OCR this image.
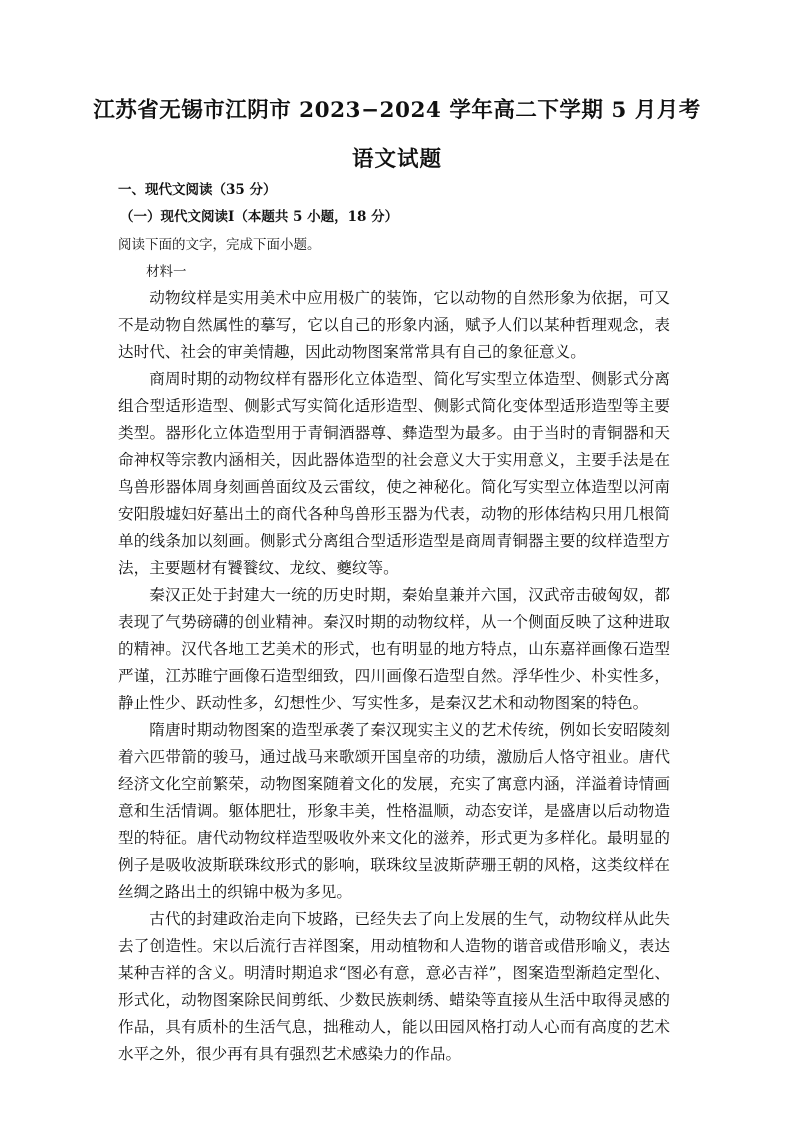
江苏省无锡市江阴市 2023−2024 学年高二下学期 5 月月考
语文试题
一、现代文阅读（35 分）
（一）现代文阅读Ⅰ（本题共 5 小题，18 分）
阅读下面的文字，完成下面小题。
材料一

动物纹样是实用美术中应用极广的装饰，它以动物的自然形象为依据，可又不是动物自然属性的摹写，它以自己的形象内涵，赋予人们以某种哲理观念，表达时代、社会的审美情趣，因此动物图案常常具有自己的象征意义。

商周时期的动物纹样有器形化立体造型、简化写实型立体造型、侧影式分离组合型适形造型、侧影式写实简化适形造型、侧影式简化变体型适形造型等主要类型。器形化立体造型用于青铜酒器尊、彝造型为最多。由于当时的青铜器和天命神权等宗教内涵相关，因此器体造型的社会意义大于实用意义，主要手法是在鸟兽形器体周身刻画兽面纹及云雷纹，使之神秘化。简化写实型立体造型以河南安阳殷墟妇好墓出土的商代各种鸟兽形玉器为代表，动物的形体结构只用几根简单的线条加以刻画。侧影式分离组合型适形造型是商周青铜器主要的纹样造型方法，主要题材有饕餮纹、龙纹、夔纹等。

秦汉正处于封建大一统的历史时期，秦始皇兼并六国，汉武帝击破匈奴，都表现了气势磅礴的创业精神。秦汉时期的动物纹样，从一个侧面反映了这种进取的精神。汉代各地工艺美术的形式，也有明显的地方特点，山东嘉祥画像石造型严谨，江苏睢宁画像石造型细致，四川画像石造型自然。浮华性少、朴实性多，静止性少、跃动性多，幻想性少、写实性多，是秦汉艺术和动物图案的特色。

隋唐时期动物图案的造型承袭了秦汉现实主义的艺术传统，例如长安昭陵刻着六匹带箭的骏马，通过战马来歌颂开国皇帝的功绩，激励后人恪守祖业。唐代经济文化空前繁荣，动物图案随着文化的发展，充实了寓意内涵，洋溢着诗情画意和生活情调。躯体肥壮，形象丰美，性格温顺，动态安详，是盛唐以后动物造型的特征。唐代动物纹样造型吸收外来文化的滋养，形式更为多样化。最明显的例子是吸收波斯联珠纹形式的影响，联珠纹呈波斯萨珊王朝的风格，这类纹样在丝绸之路出土的织锦中极为多见。

古代的封建政治走向下坡路，已经失去了向上发展的生气，动物纹样从此失去了创造性。宋以后流行吉祥图案，用动植物和人造物的谐音或借形喻义，表达某种吉祥的含义。明清时期追求“图必有意，意必吉祥”，图案造型渐趋定型化、形式化，动物图案除民间剪纸、少数民族刺绣、蜡染等直接从生活中取得灵感的作品，具有质朴的生活气息，拙稚动人，能以田园风格打动人心而有高度的艺术水平之外，很少再有具有强烈艺术感染力的作品。
